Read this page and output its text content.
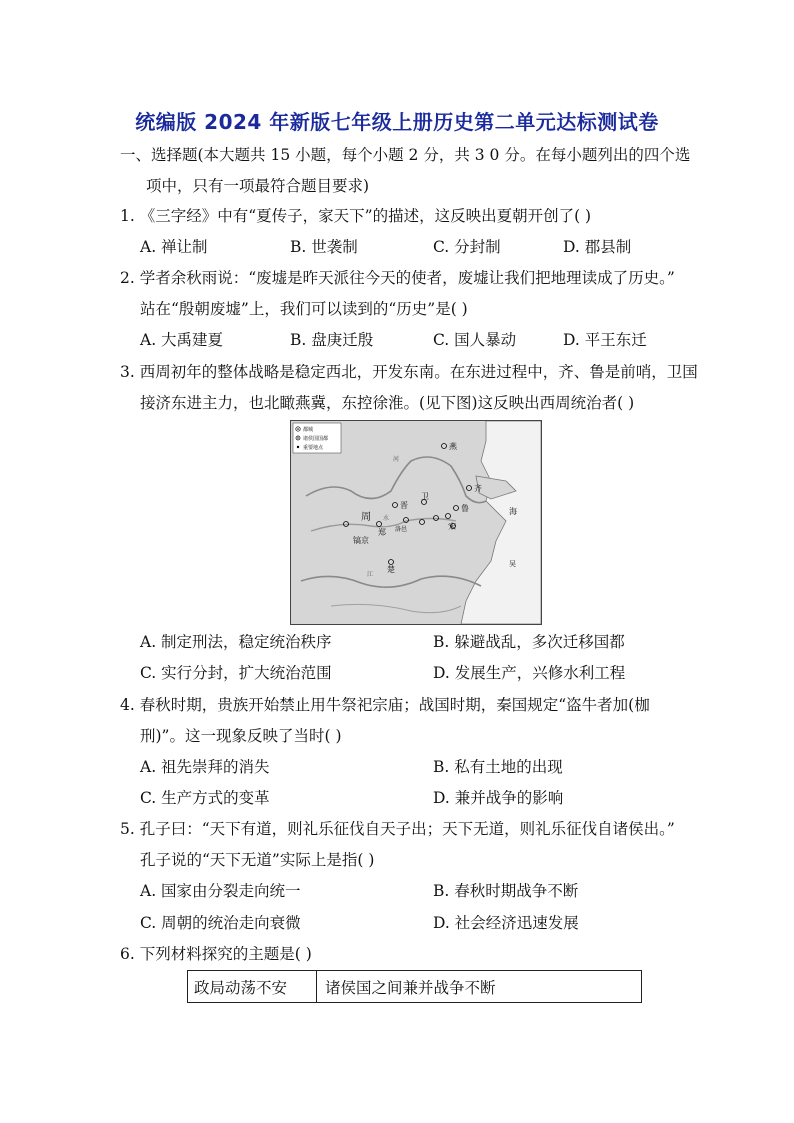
统编版 2024 年新版七年级上册历史第二单元达标测试卷
一、选择题(本大题共 15 小题，每个小题 2 分，共 3 0 分。在每小题列出的四个选
项中，只有一项最符合题目要求)
1. 《三字经》中有“夏传子，家天下”的描述，这反映出夏朝开创了( )
A. 禅让制	B. 世袭制	C. 分封制	D. 郡县制
2. 学者余秋雨说：“废墟是昨天派往今天的使者，废墟让我们把地理读成了历史。”
站在“殷朝废墟”上，我们可以读到的“历史”是( )
A. 大禹建夏	B. 盘庚迁殷	C. 国人暴动	D. 平王东迁
3. 西周初年的整体战略是稳定西北，开发东南。在东进过程中，齐、鲁是前哨，卫国
接济东进主力，也北瞰燕冀，东控徐淮。(见下图)这反映出西周统治者( )
都城
诸侯国国都
重要地点	燕
齐
晋
卫
鲁
周
郑
宋
洛邑
镐京
楚
海
河
水
江
吴
A. 制定刑法，稳定统治秩序	B. 躲避战乱，多次迁移国都
C. 实行分封，扩大统治范围	D. 发展生产，兴修水利工程
4. 春秋时期，贵族开始禁止用牛祭祀宗庙；战国时期，秦国规定“盗牛者加(枷
刑)”。这一现象反映了当时( )
A. 祖先崇拜的消失	B. 私有土地的出现
C. 生产方式的变革	D. 兼并战争的影响
5. 孔子曰：“天下有道，则礼乐征伐自天子出；天下无道，则礼乐征伐自诸侯出。”
孔子说的“天下无道”实际上是指( )
A. 国家由分裂走向统一	B. 春秋时期战争不断
C. 周朝的统治走向衰微	D. 社会经济迅速发展
6. 下列材料探究的主题是( )
政局动荡不安	诸侯国之间兼并战争不断
